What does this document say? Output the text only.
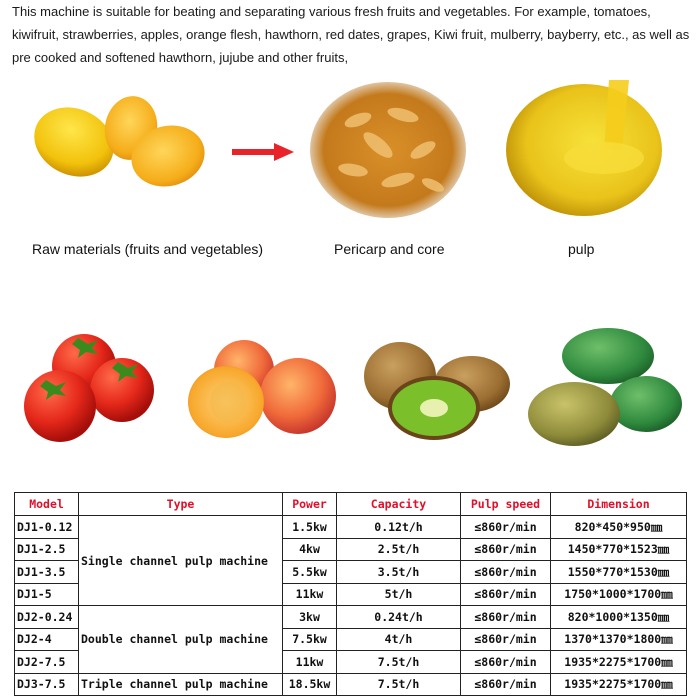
This machine is suitable for beating and separating various fresh fruits and vegetables. For example, tomatoes, kiwifruit, strawberries, apples, orange flesh, hawthorn, red dates, grapes, Kiwi fruit, mulberry, bayberry, etc., as well as pre cooked and softened hawthorn, jujube and other fruits,
Raw materials (fruits and vegetables)	Pericarp and core	pulp
Model	Type	Power	Capacity	Pulp speed	Dimension
DJ1-0.12	Single channel pulp machine	1.5kw	0.12t/h	≤860r/min	820*450*950㎜
DJ1-2.5		4kw	2.5t/h	≤860r/min	1450*770*1523㎜
DJ1-3.5		5.5kw	3.5t/h	≤860r/min	1550*770*1530㎜
DJ1-5		11kw	5t/h	≤860r/min	1750*1000*1700㎜
DJ2-0.24	Double channel pulp machine	3kw	0.24t/h	≤860r/min	820*1000*1350㎜
DJ2-4		7.5kw	4t/h	≤860r/min	1370*1370*1800㎜
DJ2-7.5		11kw	7.5t/h	≤860r/min	1935*2275*1700㎜
DJ3-7.5	Triple channel pulp machine	18.5kw	7.5t/h	≤860r/min	1935*2275*1700㎜
